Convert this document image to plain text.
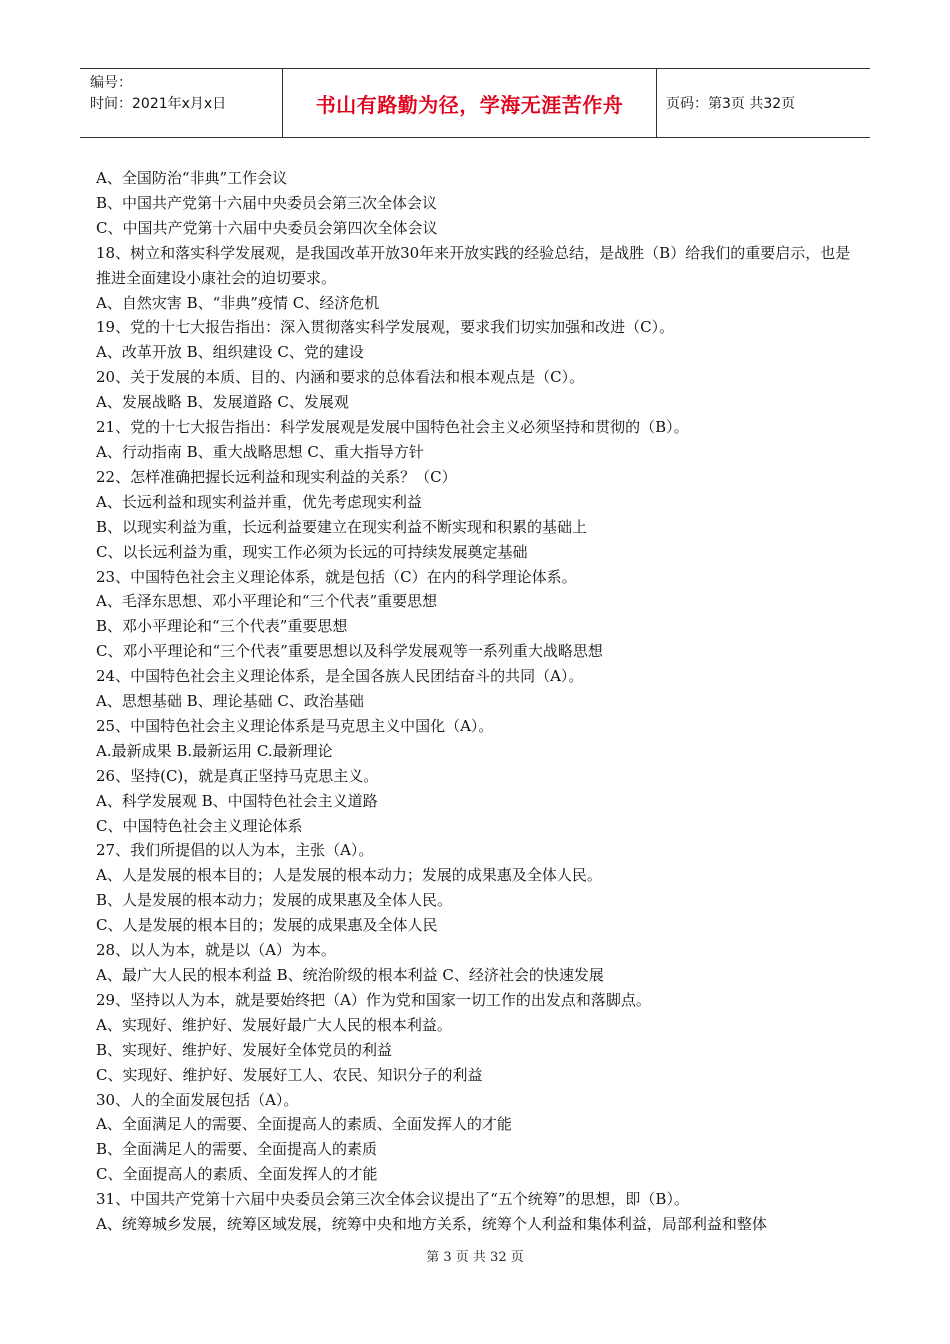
编号：
时间：2021年x月x日	书山有路勤为径，学海无涯苦作舟	页码：第3页 共32页
A、全国防治“非典”工作会议
B、中国共产党第十六届中央委员会第三次全体会议
C、中国共产党第十六届中央委员会第四次全体会议
18、树立和落实科学发展观，是我国改革开放30年来开放实践的经验总结，是战胜（B）给我们的重要启示，也是推进全面建设小康社会的迫切要求。
A、自然灾害 B、“非典”疫情 C、经济危机
19、党的十七大报告指出：深入贯彻落实科学发展观，要求我们切实加强和改进（C）。
A、改革开放 B、组织建设 C、党的建设
20、关于发展的本质、目的、内涵和要求的总体看法和根本观点是（C）。
A、发展战略 B、发展道路 C、发展观
21、党的十七大报告指出：科学发展观是发展中国特色社会主义必须坚持和贯彻的（B）。
A、行动指南 B、重大战略思想 C、重大指导方针
22、怎样准确把握长远利益和现实利益的关系？（C）
A、长远利益和现实利益并重，优先考虑现实利益
B、以现实利益为重，长远利益要建立在现实利益不断实现和积累的基础上
C、以长远利益为重，现实工作必须为长远的可持续发展奠定基础
23、中国特色社会主义理论体系，就是包括（C）在内的科学理论体系。
A、毛泽东思想、邓小平理论和“三个代表”重要思想
B、邓小平理论和“三个代表”重要思想
C、邓小平理论和“三个代表”重要思想以及科学发展观等一系列重大战略思想
24、中国特色社会主义理论体系，是全国各族人民团结奋斗的共同（A）。
A、思想基础 B、理论基础 C、政治基础
25、中国特色社会主义理论体系是马克思主义中国化（A）。
A.最新成果 B.最新运用 C.最新理论
26、坚持(C)，就是真正坚持马克思主义。
A、科学发展观 B、中国特色社会主义道路
C、中国特色社会主义理论体系
27、我们所提倡的以人为本，主张（A）。
A、人是发展的根本目的；人是发展的根本动力；发展的成果惠及全体人民。
B、人是发展的根本动力；发展的成果惠及全体人民。
C、人是发展的根本目的；发展的成果惠及全体人民
28、以人为本，就是以（A）为本。
A、最广大人民的根本利益 B、统治阶级的根本利益 C、经济社会的快速发展
29、坚持以人为本，就是要始终把（A）作为党和国家一切工作的出发点和落脚点。
A、实现好、维护好、发展好最广大人民的根本利益。
B、实现好、维护好、发展好全体党员的利益
C、实现好、维护好、发展好工人、农民、知识分子的利益
30、人的全面发展包括（A）。
A、全面满足人的需要、全面提高人的素质、全面发挥人的才能
B、全面满足人的需要、全面提高人的素质
C、全面提高人的素质、全面发挥人的才能
31、中国共产党第十六届中央委员会第三次全体会议提出了“五个统筹”的思想，即（B）。
A、统筹城乡发展，统筹区域发展，统筹中央和地方关系，统筹个人利益和集体利益，局部利益和整体
第 3 页 共 32 页
